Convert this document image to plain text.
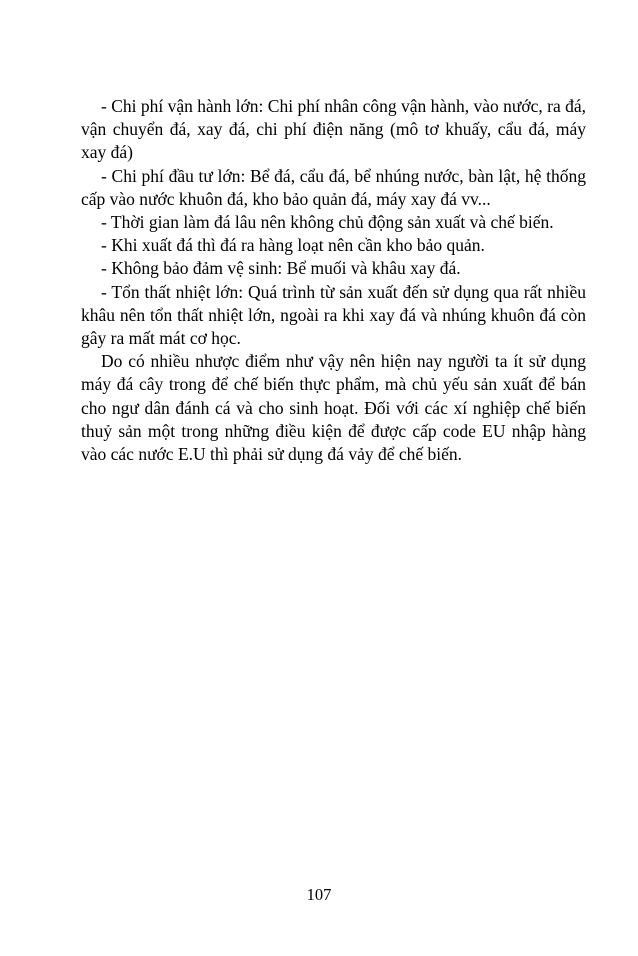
- Chi phí vận hành lớn: Chi phí nhân công vận hành, vào nước, ra đá, vận chuyển đá, xay đá, chi phí điện năng (mô tơ khuấy, cẩu đá, máy xay đá)

- Chi phí đầu tư lớn: Bể đá, cẩu đá, bể nhúng nước, bàn lật, hệ thống cấp vào nước khuôn đá, kho bảo quản đá, máy xay đá vv...

- Thời gian làm đá lâu nên không chủ động sản xuất và chế biến.

- Khi xuất đá thì đá ra hàng loạt nên cần kho bảo quản.

- Không bảo đảm vệ sinh: Bể muối và khâu xay đá.

- Tổn thất nhiệt lớn: Quá trình từ sản xuất đến sử dụng qua rất nhiều khâu nên tổn thất nhiệt lớn, ngoài ra khi xay đá và nhúng khuôn đá còn gây ra mất mát cơ học.

Do có nhiều nhược điểm như vậy nên hiện nay người ta ít sử dụng máy đá cây trong để chế biến thực phẩm, mà chủ yếu sản xuất để bán cho ngư dân đánh cá và cho sinh hoạt. Đối với các xí nghiệp chế biến thuỷ sản một trong những điều kiện để được cấp code EU nhập hàng vào các nước E.U thì phải sử dụng đá vảy để chế biến.

107
